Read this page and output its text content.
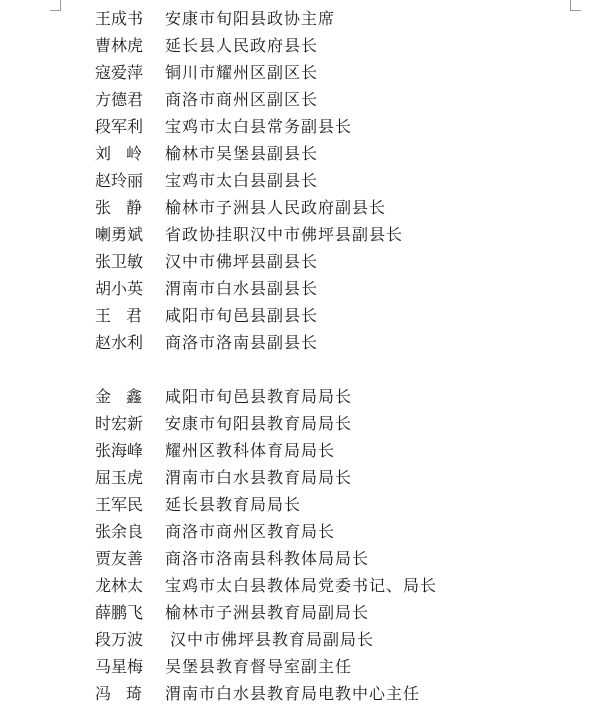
王成书	安康市旬阳县政协主席
曹林虎	延长县人民政府县长
寇爱萍	铜川市耀州区副区长
方德君	商洛市商州区副区长
段军利	宝鸡市太白县常务副县长
刘岭 榆林市吴堡县副县长
赵玲丽	宝鸡市太白县副县长
张静 榆林市子洲县人民政府副县长
喇勇斌	省政协挂职汉中市佛坪县副县长
张卫敏	汉中市佛坪县副县长
胡小英	渭南市白水县副县长
王君 咸阳市旬邑县副县长
赵水利	商洛市洛南县副县长
金鑫 咸阳市旬邑县教育局局长
时宏新	安康市旬阳县教育局局长
张海峰	耀州区教科体育局局长
屈玉虎	渭南市白水县教育局局长
王军民	延长县教育局局长
张余良	商洛市商州区教育局长
贾友善	商洛市洛南县科教体局局长
龙林太	宝鸡市太白县教体局党委书记、局长
薛鹏飞	榆林市子洲县教育局副局长
段万波	汉中市佛坪县教育局副局长
马星梅	吴堡县教育督导室副主任
冯琦 渭南市白水县教育局电教中心主任
